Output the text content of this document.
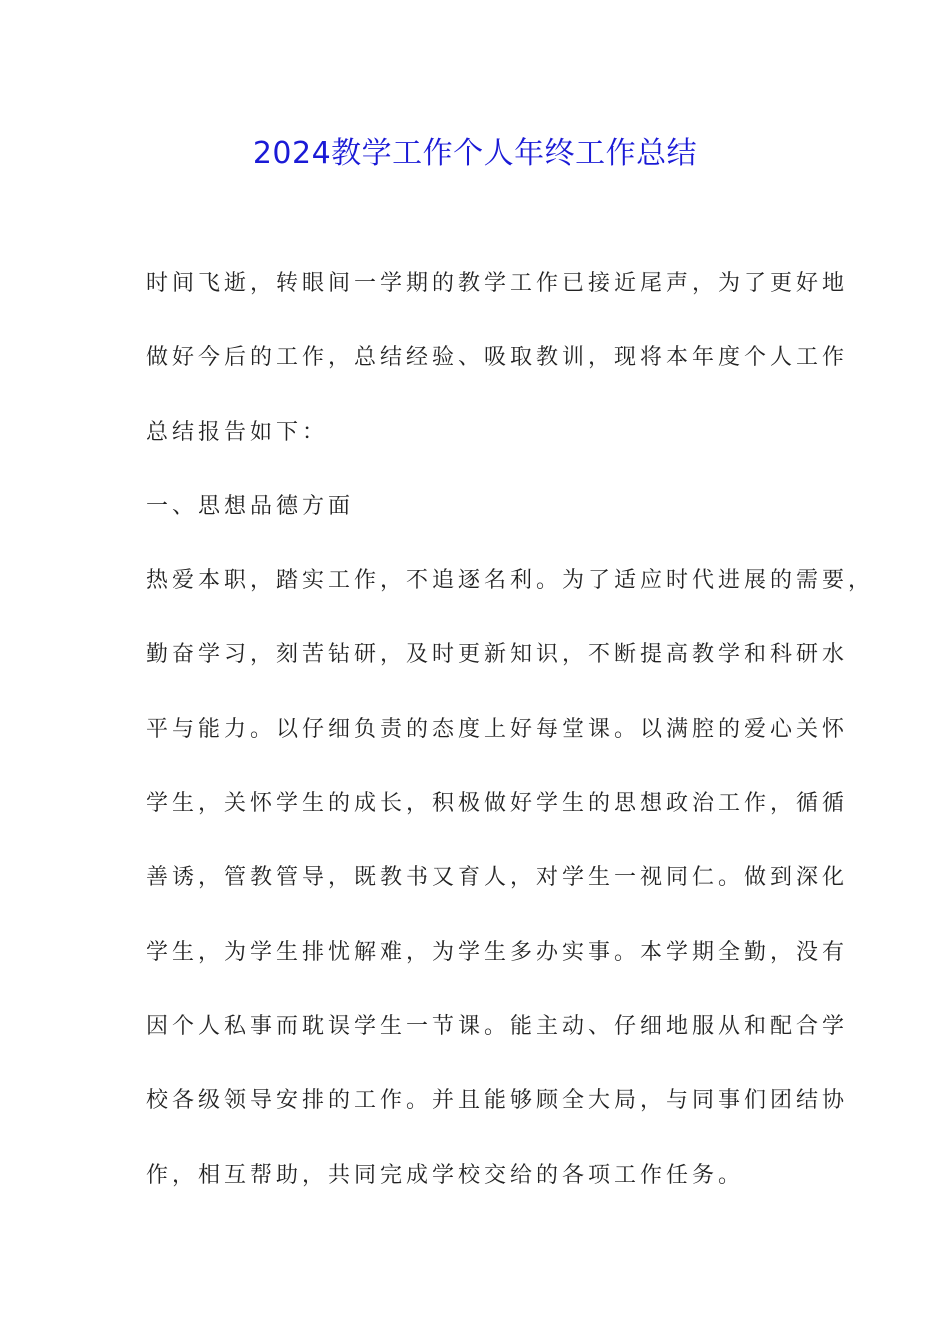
2024教学工作个人年终工作总结
时间飞逝，转眼间一学期的教学工作已接近尾声，为了更好地
做好今后的工作，总结经验、吸取教训，现将本年度个人工作
总结报告如下：
一、思想品德方面
热爱本职，踏实工作，不追逐名利。为了适应时代进展的需要，
勤奋学习，刻苦钻研，及时更新知识，不断提高教学和科研水
平与能力。以仔细负责的态度上好每堂课。以满腔的爱心关怀
学生，关怀学生的成长，积极做好学生的思想政治工作，循循
善诱，管教管导，既教书又育人，对学生一视同仁。做到深化
学生，为学生排忧解难，为学生多办实事。本学期全勤，没有
因个人私事而耽误学生一节课。能主动、仔细地服从和配合学
校各级领导安排的工作。并且能够顾全大局，与同事们团结协
作，相互帮助，共同完成学校交给的各项工作任务。
